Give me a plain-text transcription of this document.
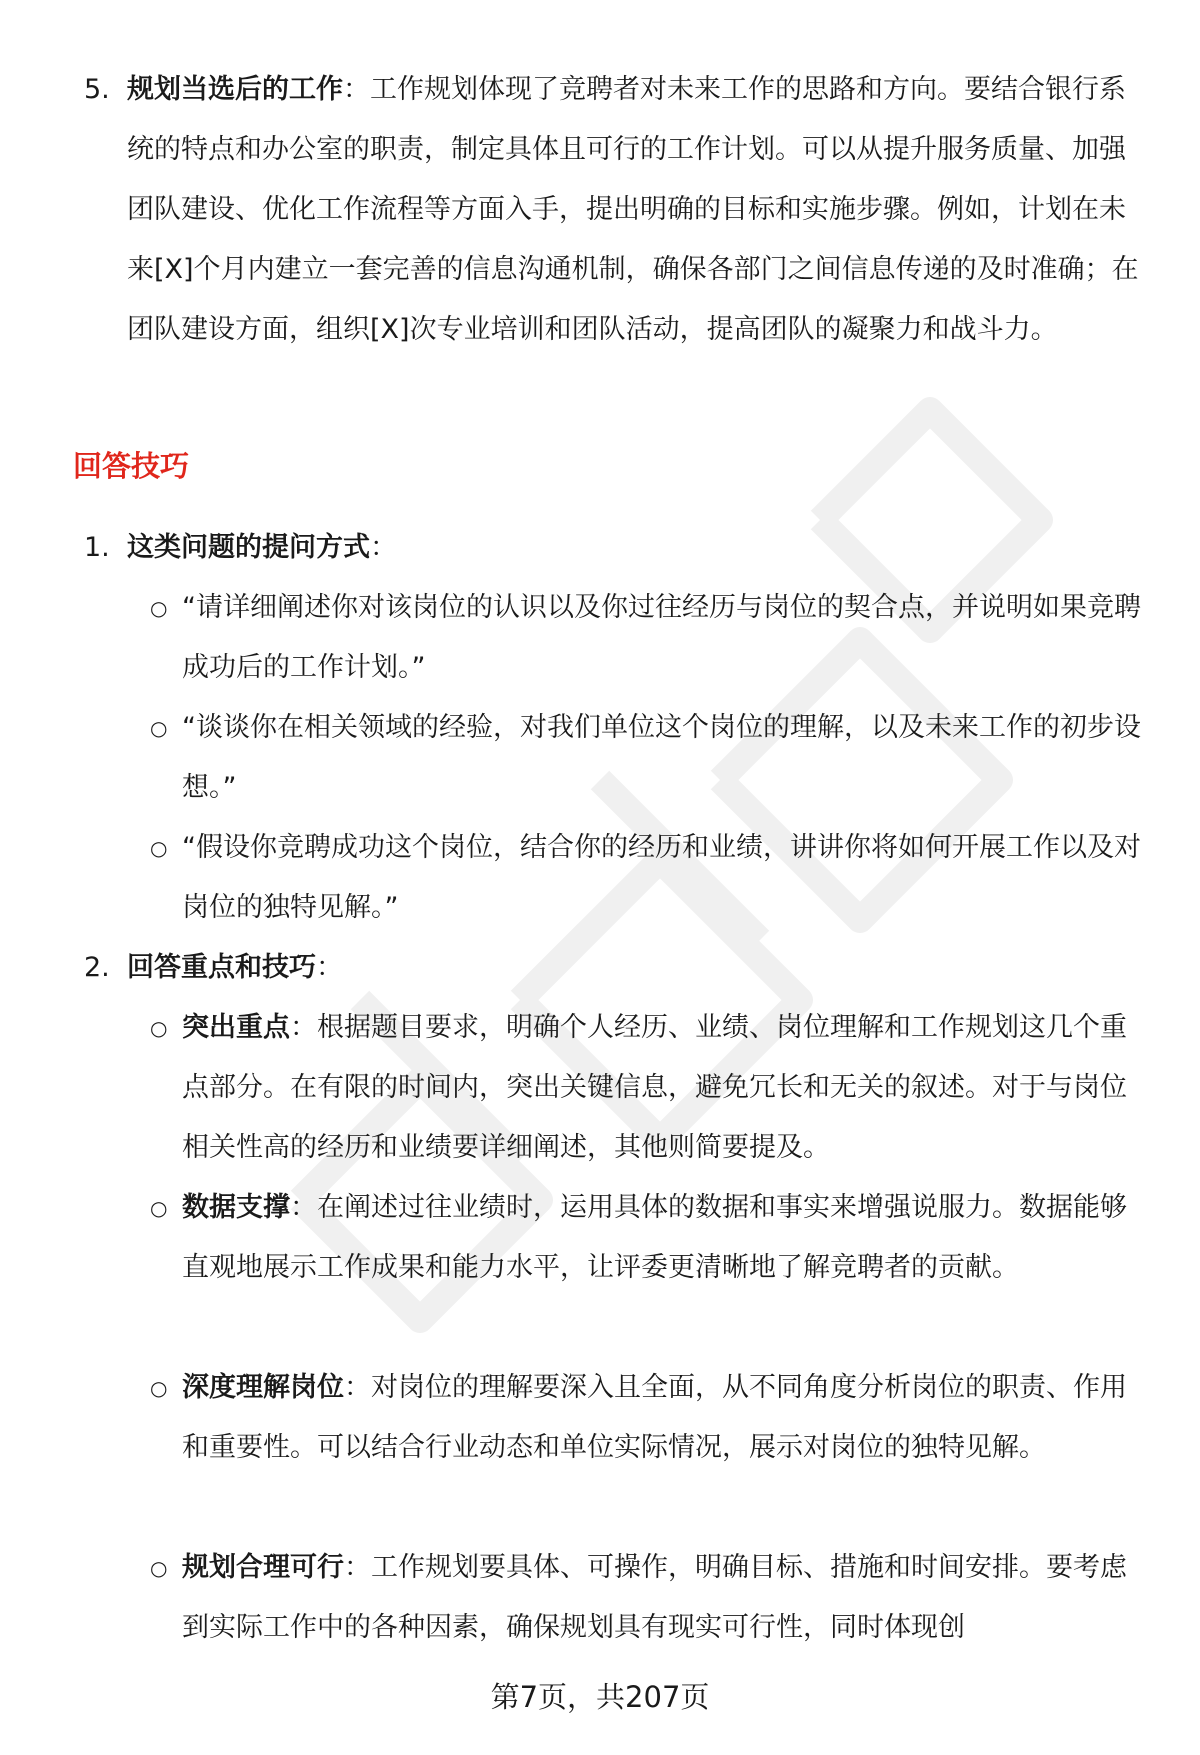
5. 规划当选后的工作：工作规划体现了竞聘者对未来工作的思路和方向。要结合银行系统的特点和办公室的职责，制定具体且可行的工作计划。可以从提升服务质量、加强团队建设、优化工作流程等方面入手，提出明确的目标和实施步骤。例如，计划在未来[X]个月内建立一套完善的信息沟通机制，确保各部门之间信息传递的及时准确；在团队建设方面，组织[X]次专业培训和团队活动，提高团队的凝聚力和战斗力。

回答技巧
1. 这类问题的提问方式：

○ “请详细阐述你对该岗位的认识以及你过往经历与岗位的契合点，并说明如果竞聘成功后的工作计划。”

○ “谈谈你在相关领域的经验，对我们单位这个岗位的理解，以及未来工作的初步设想。”

○ “假设你竞聘成功这个岗位，结合你的经历和业绩，讲讲你将如何开展工作以及对岗位的独特见解。”

2. 回答重点和技巧：

○ 突出重点：根据题目要求，明确个人经历、业绩、岗位理解和工作规划这几个重点部分。在有限的时间内，突出关键信息，避免冗长和无关的叙述。对于与岗位相关性高的经历和业绩要详细阐述，其他则简要提及。

○ 数据支撑：在阐述过往业绩时，运用具体的数据和事实来增强说服力。数据能够直观地展示工作成果和能力水平，让评委更清晰地了解竞聘者的贡献。

○ 深度理解岗位：对岗位的理解要深入且全面，从不同角度分析岗位的职责、作用和重要性。可以结合行业动态和单位实际情况，展示对岗位的独特见解。

○ 规划合理可行：工作规划要具体、可操作，明确目标、措施和时间安排。要考虑到实际工作中的各种因素，确保规划具有现实可行性，同时体现创

第7页，共207页
